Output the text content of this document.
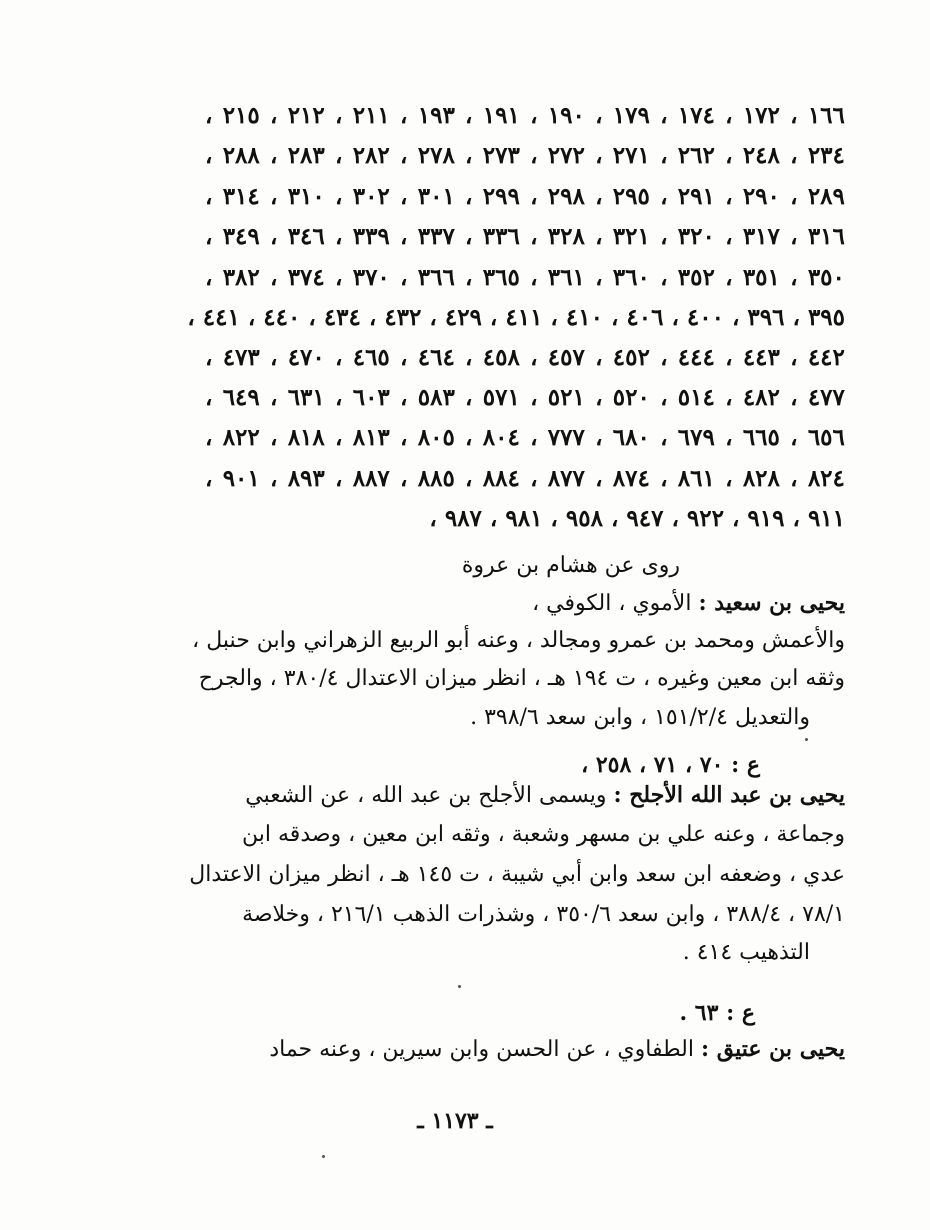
١٦٦ ، ١٧٢ ، ١٧٤ ، ١٧٩ ، ١٩٠ ، ١٩١ ، ١٩٣ ، ٢١١ ، ٢١٢ ، ٢١٥ ،
٢٣٤ ، ٢٤٨ ، ٢٦٢ ، ٢٧١ ، ٢٧٢ ، ٢٧٣ ، ٢٧٨ ، ٢٨٢ ، ٢٨٣ ، ٢٨٨ ،
٢٨٩ ، ٢٩٠ ، ٢٩١ ، ٢٩٥ ، ٢٩٨ ، ٢٩٩ ، ٣٠١ ، ٣٠٢ ، ٣١٠ ، ٣١٤ ،
٣١٦ ، ٣١٧ ، ٣٢٠ ، ٣٢١ ، ٣٢٨ ، ٣٣٦ ، ٣٣٧ ، ٣٣٩ ، ٣٤٦ ، ٣٤٩ ،
٣٥٠ ، ٣٥١ ، ٣٥٢ ، ٣٦٠ ، ٣٦١ ، ٣٦٥ ، ٣٦٦ ، ٣٧٠ ، ٣٧٤ ، ٣٨٢ ،
٣٩٥ ، ٣٩٦ ، ٤٠٠ ، ٤٠٦ ، ٤١٠ ، ٤١١ ، ٤٢٩ ، ٤٣٢ ، ٤٣٤ ، ٤٤٠ ، ٤٤١ ،
٤٤٢ ، ٤٤٣ ، ٤٤٤ ، ٤٥٢ ، ٤٥٧ ، ٤٥٨ ، ٤٦٤ ، ٤٦٥ ، ٤٧٠ ، ٤٧٣ ،
٤٧٧ ، ٤٨٢ ، ٥١٤ ، ٥٢٠ ، ٥٢١ ، ٥٧١ ، ٥٨٣ ، ٦٠٣ ، ٦٣١ ، ٦٤٩ ،
٦٥٦ ، ٦٦٥ ، ٦٧٩ ، ٦٨٠ ، ٧٧٧ ، ٨٠٤ ، ٨٠٥ ، ٨١٣ ، ٨١٨ ، ٨٢٢ ،
٨٢٤ ، ٨٢٨ ، ٨٦١ ، ٨٧٤ ، ٨٧٧ ، ٨٨٤ ، ٨٨٥ ، ٨٨٧ ، ٨٩٣ ، ٩٠١ ،
٩١١ ، ٩١٩ ، ٩٢٢ ، ٩٤٧ ، ٩٥٨ ، ٩٨١ ، ٩٨٧ ،
روى عن هشام بن عروة
يحيى بن سعيد : الأموي ، الكوفي ،
والأعمش ومحمد بن عمرو ومجالد ، وعنه أبو الربيع الزهراني وابن حنبل ،
وثقه ابن معين وغيره ، ت ١٩٤ هـ ، انظر ميزان الاعتدال ٣٨٠/٤ ، والجرح
والتعديل ١٥١/٢/٤ ، وابن سعد ٣٩٨/٦ .
ع : ٧٠ ، ٧١ ، ٢٥٨ ،
يحيى بن عبد الله الأجلح : ويسمى الأجلح بن عبد الله ، عن الشعبي
وجماعة ، وعنه علي بن مسهر وشعبة ، وثقه ابن معين ، وصدقه ابن
عدي ، وضعفه ابن سعد وابن أبي شيبة ، ت ١٤٥ هـ ، انظر ميزان الاعتدال
٧٨/١ ، ٣٨٨/٤ ، وابن سعد ٣٥٠/٦ ، وشذرات الذهب ٢١٦/١ ، وخلاصة
التذهيب ٤١٤ .
ع : ٦٣ .
يحيى بن عتيق : الطفاوي ، عن الحسن وابن سيرين ، وعنه حماد
ـ ١١٧٣ ـ
